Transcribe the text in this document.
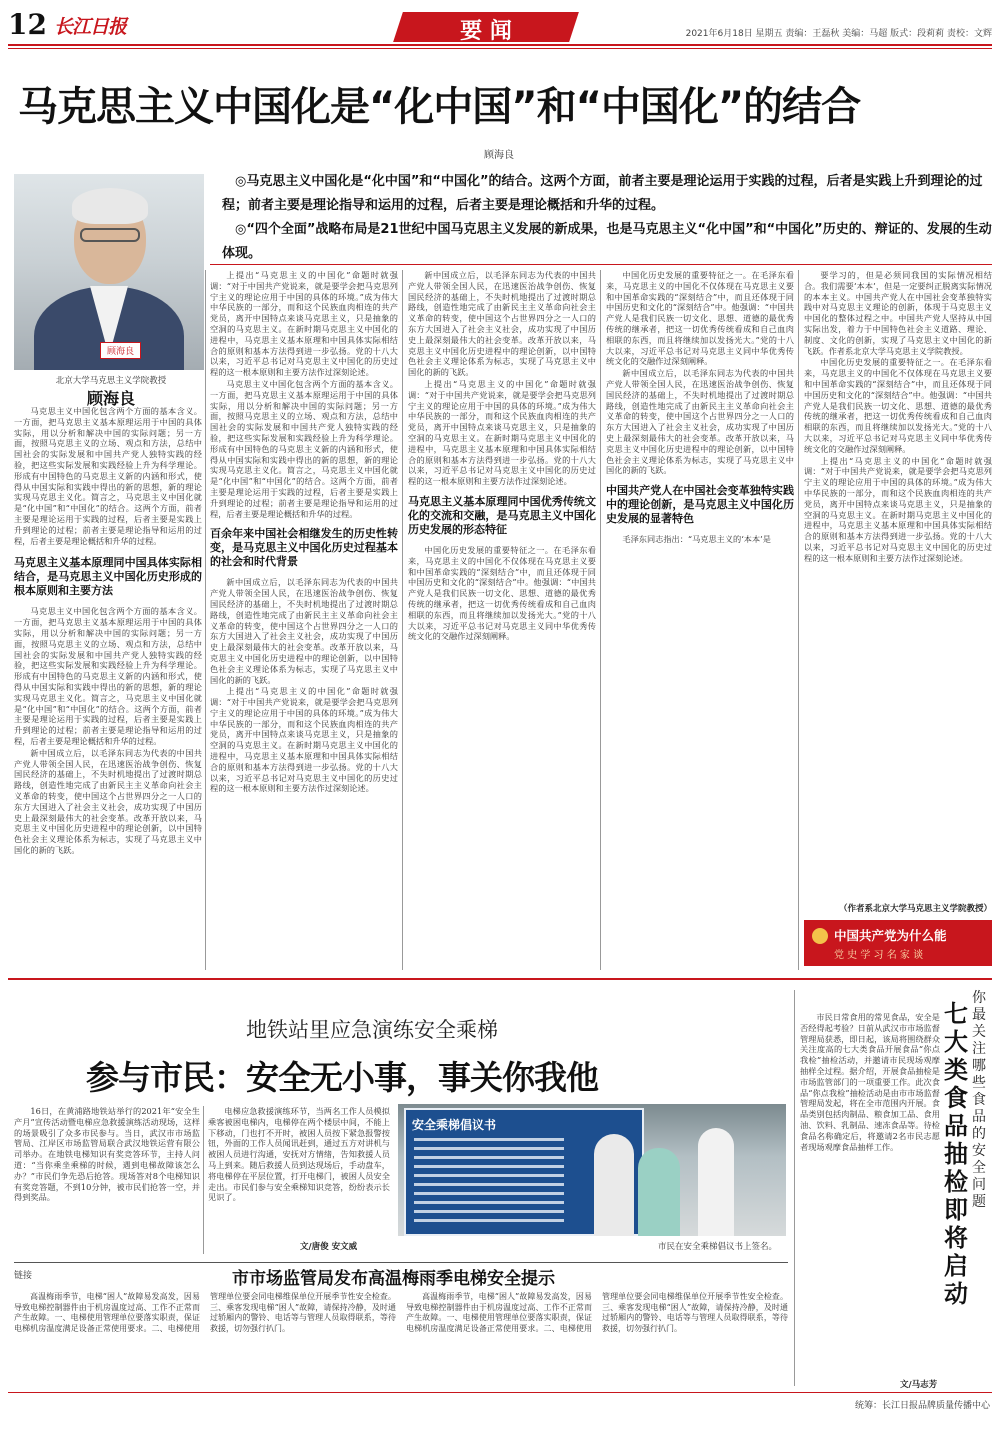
12 长江日报	要 闻	2021年6月18日 星期五 责编：王磊秋 美编：马超 版式：段莉莉 责校：文辉
马克思主义中国化是“化中国”和“中国化”的结合
顾海良
顾海良
北京大学马克思主义学院教授
顾海良

◎马克思主义中国化是“化中国”和“中国化”的结合。这两个方面，前者主要是理论运用于实践的过程，后者是实践上升到理论的过程；前者主要是理论指导和运用的过程，后者主要是理论概括和升华的过程。

◎“四个全面”战略布局是21世纪中国马克思主义发展的新成果，也是马克思主义“化中国”和“中国化”历史的、辩证的、发展的生动体现。

马克思主义中国化包含两个方面的基本含义。一方面，把马克思主义基本原理运用于中国的具体实际，用以分析和解决中国的实际问题；另一方面，按照马克思主义的立场、观点和方法，总结中国社会的实际发展和中国共产党人独特实践的经验，把这些实际发展和实践经验上升为科学理论。形成有中国特色的马克思主义新的内涵和形式，使得从中国实际和实践中得出的新的思想，新的理论实现马克思主义化。简言之，马克思主义中国化就是“化中国”和“中国化”的结合。这两个方面，前者主要是理论运用于实践的过程，后者主要是实践上升到理论的过程；前者主要是理论指导和运用的过程，后者主要是理论概括和升华的过程。

马克思主义基本原理同中国具体实际相结合，是马克思主义中国化历史形成的根本原则和主要方法

马克思主义中国化包含两个方面的基本含义。一方面，把马克思主义基本原理运用于中国的具体实际，用以分析和解决中国的实际问题；另一方面，按照马克思主义的立场、观点和方法，总结中国社会的实际发展和中国共产党人独特实践的经验，把这些实际发展和实践经验上升为科学理论。形成有中国特色的马克思主义新的内涵和形式，使得从中国实际和实践中得出的新的思想，新的理论实现马克思主义化。简言之，马克思主义中国化就是“化中国”和“中国化”的结合。这两个方面，前者主要是理论运用于实践的过程，后者主要是实践上升到理论的过程；前者主要是理论指导和运用的过程，后者主要是理论概括和升华的过程。

新中国成立后，以毛泽东同志为代表的中国共产党人带领全国人民，在迅速医治战争创伤、恢复国民经济的基础上，不失时机地提出了过渡时期总路线，创造性地完成了由新民主主义革命向社会主义革命的转变，使中国这个占世界四分之一人口的东方大国进入了社会主义社会，成功实现了中国历史上最深刻最伟大的社会变革。改革开放以来，马克思主义中国化历史进程中的理论创新，以中国特色社会主义理论体系为标志，实现了马克思主义中国化的新的飞跃。

上提出“马克思主义的中国化”命题时就强调：“对于中国共产党说来，就是要学会把马克思列宁主义的理论应用于中国的具体的环境。”成为伟大中华民族的一部分，而和这个民族血肉相连的共产党员，离开中国特点来谈马克思主义，只是抽象的空洞的马克思主义。在新时期马克思主义中国化的进程中，马克思主义基本原理和中国具体实际相结合的原则和基本方法得到进一步弘扬。党的十八大以来，习近平总书记对马克思主义中国化的历史过程的这一根本原则和主要方法作过深刻论述。

马克思主义中国化包含两个方面的基本含义。一方面，把马克思主义基本原理运用于中国的具体实际，用以分析和解决中国的实际问题；另一方面，按照马克思主义的立场、观点和方法，总结中国社会的实际发展和中国共产党人独特实践的经验，把这些实际发展和实践经验上升为科学理论。形成有中国特色的马克思主义新的内涵和形式，使得从中国实际和实践中得出的新的思想，新的理论实现马克思主义化。简言之，马克思主义中国化就是“化中国”和“中国化”的结合。这两个方面，前者主要是理论运用于实践的过程，后者主要是实践上升到理论的过程；前者主要是理论指导和运用的过程，后者主要是理论概括和升华的过程。

百余年来中国社会相继发生的历史性转变，是马克思主义中国化历史过程基本的社会和时代背景

新中国成立后，以毛泽东同志为代表的中国共产党人带领全国人民，在迅速医治战争创伤、恢复国民经济的基础上，不失时机地提出了过渡时期总路线，创造性地完成了由新民主主义革命向社会主义革命的转变，使中国这个占世界四分之一人口的东方大国进入了社会主义社会，成功实现了中国历史上最深刻最伟大的社会变革。改革开放以来，马克思主义中国化历史进程中的理论创新，以中国特色社会主义理论体系为标志，实现了马克思主义中国化的新的飞跃。

上提出“马克思主义的中国化”命题时就强调：“对于中国共产党说来，就是要学会把马克思列宁主义的理论应用于中国的具体的环境。”成为伟大中华民族的一部分，而和这个民族血肉相连的共产党员，离开中国特点来谈马克思主义，只是抽象的空洞的马克思主义。在新时期马克思主义中国化的进程中，马克思主义基本原理和中国具体实际相结合的原则和基本方法得到进一步弘扬。党的十八大以来，习近平总书记对马克思主义中国化的历史过程的这一根本原则和主要方法作过深刻论述。

新中国成立后，以毛泽东同志为代表的中国共产党人带领全国人民，在迅速医治战争创伤、恢复国民经济的基础上，不失时机地提出了过渡时期总路线，创造性地完成了由新民主主义革命向社会主义革命的转变，使中国这个占世界四分之一人口的东方大国进入了社会主义社会，成功实现了中国历史上最深刻最伟大的社会变革。改革开放以来，马克思主义中国化历史进程中的理论创新，以中国特色社会主义理论体系为标志，实现了马克思主义中国化的新的飞跃。

上提出“马克思主义的中国化”命题时就强调：“对于中国共产党说来，就是要学会把马克思列宁主义的理论应用于中国的具体的环境。”成为伟大中华民族的一部分，而和这个民族血肉相连的共产党员，离开中国特点来谈马克思主义，只是抽象的空洞的马克思主义。在新时期马克思主义中国化的进程中，马克思主义基本原理和中国具体实际相结合的原则和基本方法得到进一步弘扬。党的十八大以来，习近平总书记对马克思主义中国化的历史过程的这一根本原则和主要方法作过深刻论述。

马克思主义基本原理同中国优秀传统文化的交流和交融，是马克思主义中国化历史发展的形态特征

中国化历史发展的重要特征之一。在毛泽东看来，马克思主义的中国化不仅体现在马克思主义要和中国革命实践的“深刻结合”中，而且还体现于同中国历史和文化的“深刻结合”中。他强调：“中国共产党人是我们民族一切文化、思想、道德的最优秀传统的继承者，把这一切优秀传统看成和自己血肉相联的东西，而且将继续加以发扬光大。”党的十八大以来，习近平总书记对马克思主义同中华优秀传统文化的交融作过深刻阐释。

中国化历史发展的重要特征之一。在毛泽东看来，马克思主义的中国化不仅体现在马克思主义要和中国革命实践的“深刻结合”中，而且还体现于同中国历史和文化的“深刻结合”中。他强调：“中国共产党人是我们民族一切文化、思想、道德的最优秀传统的继承者，把这一切优秀传统看成和自己血肉相联的东西，而且将继续加以发扬光大。”党的十八大以来，习近平总书记对马克思主义同中华优秀传统文化的交融作过深刻阐释。

新中国成立后，以毛泽东同志为代表的中国共产党人带领全国人民，在迅速医治战争创伤、恢复国民经济的基础上，不失时机地提出了过渡时期总路线，创造性地完成了由新民主主义革命向社会主义革命的转变，使中国这个占世界四分之一人口的东方大国进入了社会主义社会，成功实现了中国历史上最深刻最伟大的社会变革。改革开放以来，马克思主义中国化历史进程中的理论创新，以中国特色社会主义理论体系为标志，实现了马克思主义中国化的新的飞跃。

中国共产党人在中国社会变革独特实践中的理论创新，是马克思主义中国化历史发展的显著特色

毛泽东同志指出：“马克思主义的‘本本’是

要学习的，但是必须同我国的实际情况相结合。我们需要‘本本’，但是一定要纠正脱离实际情况的本本主义。中国共产党人在中国社会变革独特实践中对马克思主义理论的创新，体现于马克思主义中国化的整体过程之中。中国共产党人坚持从中国实际出发，着力于中国特色社会主义道路、理论、制度、文化的创新，实现了马克思主义中国化的新飞跃。作者系北京大学马克思主义学院教授。

中国化历史发展的重要特征之一。在毛泽东看来，马克思主义的中国化不仅体现在马克思主义要和中国革命实践的“深刻结合”中，而且还体现于同中国历史和文化的“深刻结合”中。他强调：“中国共产党人是我们民族一切文化、思想、道德的最优秀传统的继承者，把这一切优秀传统看成和自己血肉相联的东西，而且将继续加以发扬光大。”党的十八大以来，习近平总书记对马克思主义同中华优秀传统文化的交融作过深刻阐释。

上提出“马克思主义的中国化”命题时就强调：“对于中国共产党说来，就是要学会把马克思列宁主义的理论应用于中国的具体的环境。”成为伟大中华民族的一部分，而和这个民族血肉相连的共产党员，离开中国特点来谈马克思主义，只是抽象的空洞的马克思主义。在新时期马克思主义中国化的进程中，马克思主义基本原理和中国具体实际相结合的原则和基本方法得到进一步弘扬。党的十八大以来，习近平总书记对马克思主义中国化的历史过程的这一根本原则和主要方法作过深刻论述。

（作者系北京大学马克思主义学院教授）
中国共产党为什么能
党 史 学 习 名 家 谈
地铁站里应急演练安全乘梯
参与市民：安全无小事，事关你我他

16日，在黄浦路地铁站举行的2021年“安全生产月”宣传活动暨电梯应急救援演练活动现场，这样的场景吸引了众多市民参与。当日，武汉市市场监管局、江岸区市场监管局联合武汉地铁运营有限公司举办。在地铁电梯知识有奖竞答环节，主持人问道：“当你乘坐乘梯的时候，遇到电梯故障该怎么办？”市民们争先恐后抢答。现场答对8个电梯知识有奖竞答题，不到10分钟，被市民们抢答一空，并得到奖品。

电梯应急救援演练环节，当两名工作人员模拟乘客被困电梯内，电梯停在两个楼层中间，不能上下移动，门也打不开时，被困人员按下紧急报警按钮，外面的工作人员闻讯赶到，通过五方对讲机与被困人员进行沟通，安抚对方情绪，告知救援人员马上到来。随后救援人员到达现场后，手动盘车，将电梯停在平层位置，打开电梯门，被困人员安全走出。市民们参与安全乘梯知识竞答，纷纷表示长见识了。

文/唐俊 安文威
安全乘梯倡议书
市民在安全乘梯倡议书上签名。
链接	市市场监管局发布高温梅雨季电梯安全提示

高温梅雨季节，电梯“困人”故障易发高发，因易导致电梯控制器件由于机房温度过高、工作不正常而产生故障。一、电梯使用管理单位要落实职责，保证电梯机房温度满足设备正常使用要求。二、电梯使用管理单位要会同电梯维保单位开展季节性安全检查。三、乘客发现电梯“困人”故障，请保持冷静，及时通过轿厢内的警铃、电话等与管理人员取得联系，等待救援，切勿强行扒门。

高温梅雨季节，电梯“困人”故障易发高发，因易导致电梯控制器件由于机房温度过高、工作不正常而产生故障。一、电梯使用管理单位要落实职责，保证电梯机房温度满足设备正常使用要求。二、电梯使用管理单位要会同电梯维保单位开展季节性安全检查。三、乘客发现电梯“困人”故障，请保持冷静，及时通过轿厢内的警铃、电话等与管理人员取得联系，等待救援，切勿强行扒门。

市民日常食用的常见食品，安全是否经得起考验？日前从武汉市市场监督管理局获悉，即日起，该局将围绕群众关注度高的七大类食品开展食品“你点我检”抽检活动，并邀请市民现场观摩抽样全过程。据介绍，开展食品抽检是市场监管部门的一项重要工作。此次食品“你点我检”抽检活动是由市市场监督管理局发起，将在全市范围内开展。食品类别包括肉制品、粮食加工品、食用油、饮料、乳制品、速冻食品等。待检食品名称确定后，将邀请2名市民志愿者现场观摩食品抽样工作。

你最关注哪些食品的安全问题
七大类食品抽检即将启动
文/马志芳
统筹：长江日报品牌质量传播中心
